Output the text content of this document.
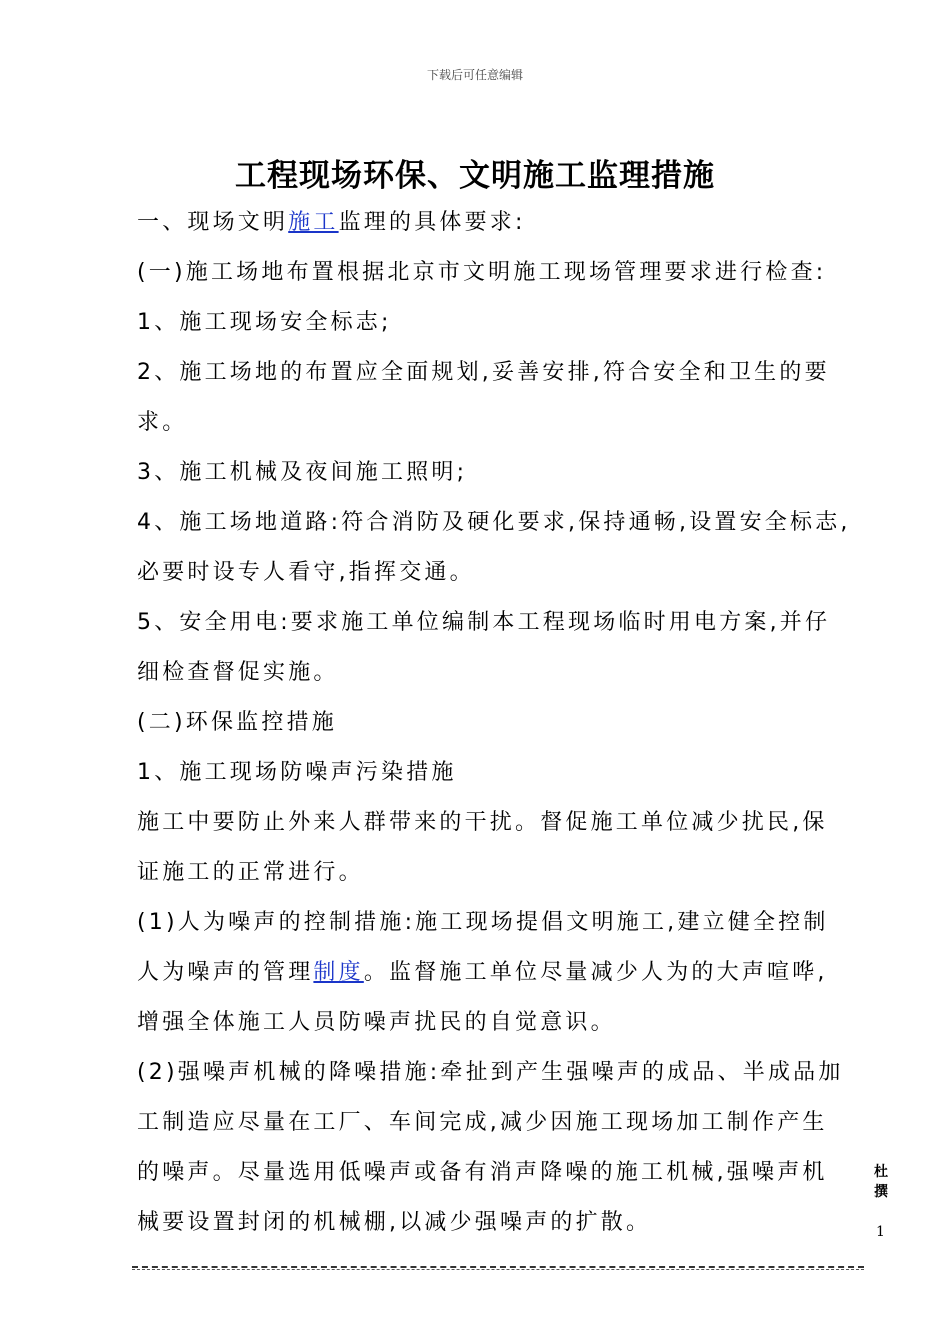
下载后可任意编辑
工程现场环保、文明施工监理措施
一、现场文明施工监理的具体要求:
(一)施工场地布置根据北京市文明施工现场管理要求进行检查:
1、施工现场安全标志;
2、施工场地的布置应全面规划,妥善安排,符合安全和卫生的要
求。
3、施工机械及夜间施工照明;
4、施工场地道路:符合消防及硬化要求,保持通畅,设置安全标志,
必要时设专人看守,指挥交通。
5、安全用电:要求施工单位编制本工程现场临时用电方案,并仔
细检查督促实施。
(二)环保监控措施
1、施工现场防噪声污染措施
施工中要防止外来人群带来的干扰。督促施工单位减少扰民,保
证施工的正常进行。
(1)人为噪声的控制措施:施工现场提倡文明施工,建立健全控制
人为噪声的管理制度。监督施工单位尽量减少人为的大声喧哗,
增强全体施工人员防噪声扰民的自觉意识。
(2)强噪声机械的降噪措施:牵扯到产生强噪声的成品、半成品加
工制造应尽量在工厂、车间完成,减少因施工现场加工制作产生
的噪声。尽量选用低噪声或备有消声降噪的施工机械,强噪声机
械要设置封闭的机械棚,以减少强噪声的扩散。
杜撰
1
